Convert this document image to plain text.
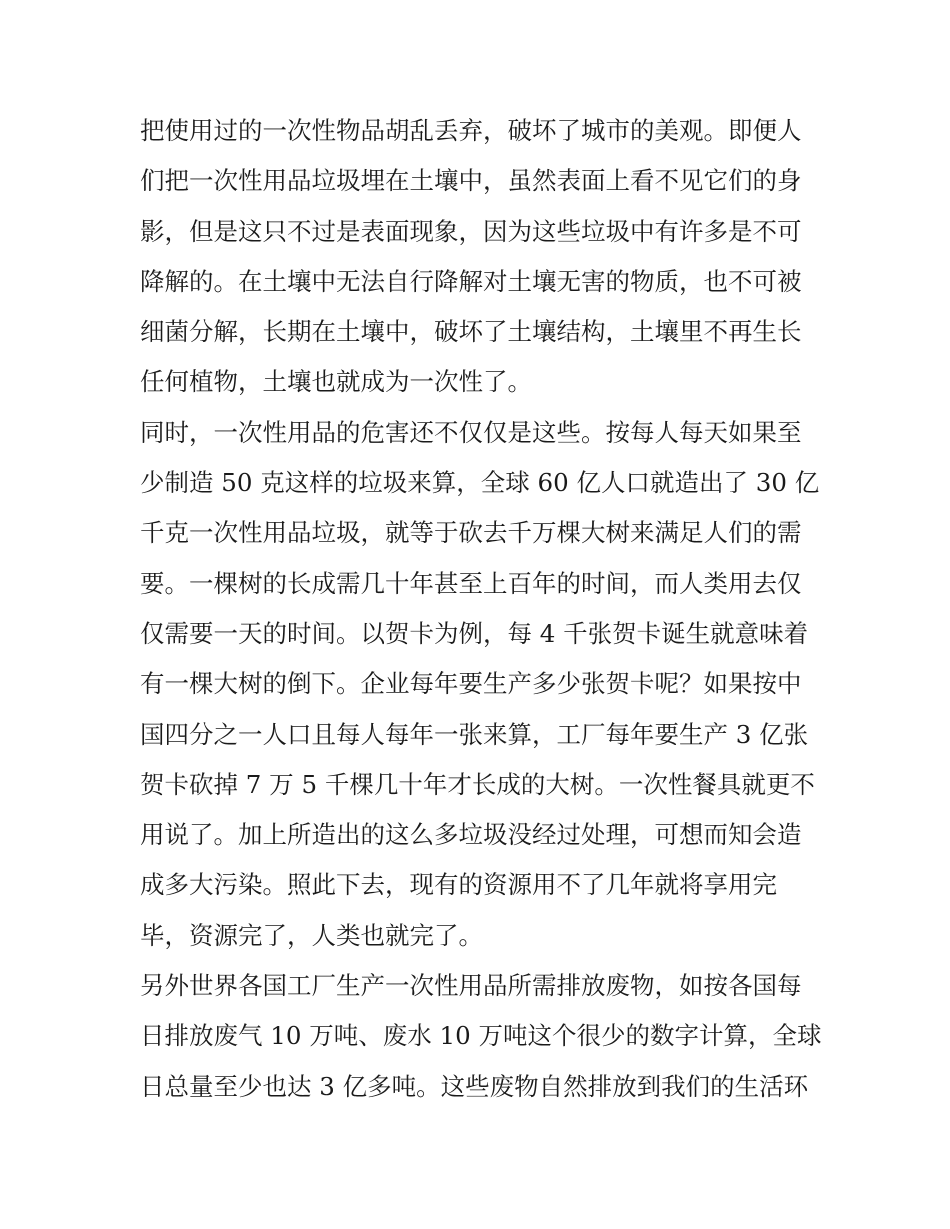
把使用过的一次性物品胡乱丢弃，破坏了城市的美观。即便人
们把一次性用品垃圾埋在土壤中，虽然表面上看不见它们的身
影，但是这只不过是表面现象，因为这些垃圾中有许多是不可
降解的。在土壤中无法自行降解对土壤无害的物质，也不可被
细菌分解，长期在土壤中，破坏了土壤结构，土壤里不再生长
任何植物，土壤也就成为一次性了。
同时，一次性用品的危害还不仅仅是这些。按每人每天如果至
少制造 50 克这样的垃圾来算，全球 60 亿人口就造出了 30 亿
千克一次性用品垃圾，就等于砍去千万棵大树来满足人们的需
要。一棵树的长成需几十年甚至上百年的时间，而人类用去仅
仅需要一天的时间。以贺卡为例，每 4 千张贺卡诞生就意味着
有一棵大树的倒下。企业每年要生产多少张贺卡呢？如果按中
国四分之一人口且每人每年一张来算，工厂每年要生产 3 亿张
贺卡砍掉 7 万 5 千棵几十年才长成的大树。一次性餐具就更不
用说了。加上所造出的这么多垃圾没经过处理，可想而知会造
成多大污染。照此下去，现有的资源用不了几年就将享用完
毕，资源完了，人类也就完了。
另外世界各国工厂生产一次性用品所需排放废物，如按各国每
日排放废气 10 万吨、废水 10 万吨这个很少的数字计算，全球
日总量至少也达 3 亿多吨。这些废物自然排放到我们的生活环
